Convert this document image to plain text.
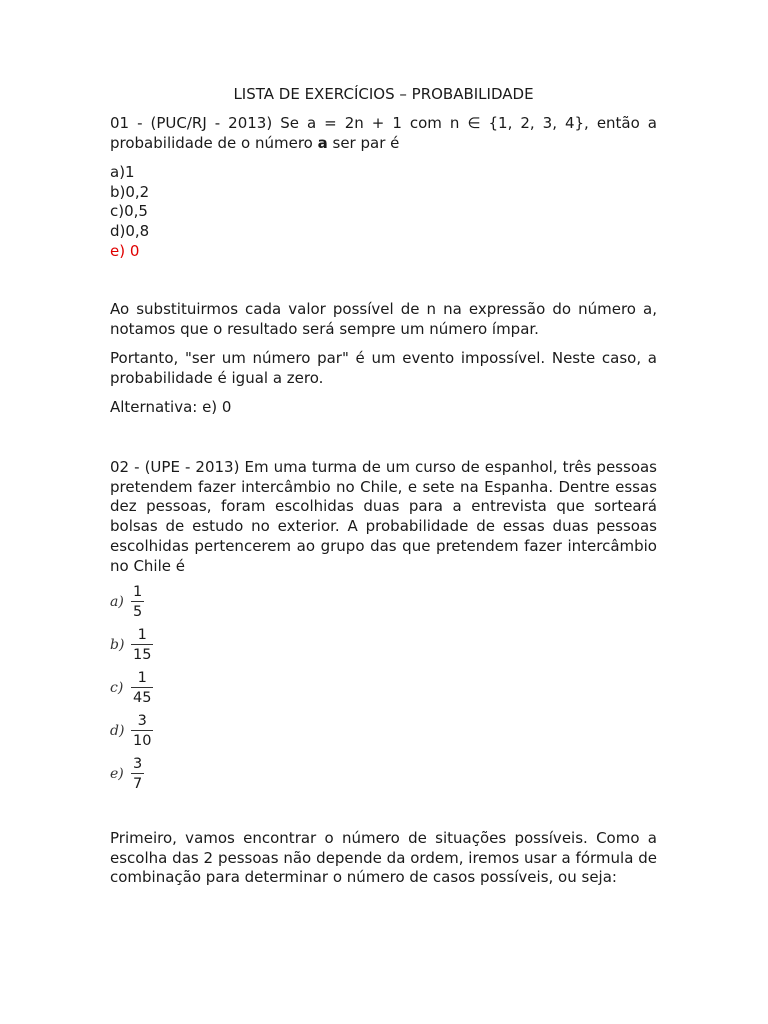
LISTA DE EXERCÍCIOS – PROBABILIDADE

01 - (PUC/RJ - 2013) Se a = 2n + 1 com n ∈ {1, 2, 3, 4}, então a probabilidade de o número a ser par é

a)1
b)0,2
c)0,5
d)0,8
e) 0

Ao substituirmos cada valor possível de n na expressão do número a, notamos que o resultado será sempre um número ímpar.

Portanto, "ser um número par" é um evento impossível. Neste caso, a probabilidade é igual a zero.

Alternativa: e) 0

02 - (UPE - 2013) Em uma turma de um curso de espanhol, três pessoas pretendem fazer intercâmbio no Chile, e sete na Espanha. Dentre essas dez pessoas, foram escolhidas duas para a entrevista que sorteará bolsas de estudo no exterior. A probabilidade de essas duas pessoas escolhidas pertencerem ao grupo das que pretendem fazer intercâmbio no Chile é

$a) \frac{1}{5}$
$b) \frac{1}{15}$
$c) \frac{1}{45}$
$d) \frac{3}{10}$
$e) \frac{3}{7}$

Primeiro, vamos encontrar o número de situações possíveis. Como a escolha das 2 pessoas não depende da ordem, iremos usar a fórmula de combinação para determinar o número de casos possíveis, ou seja:
